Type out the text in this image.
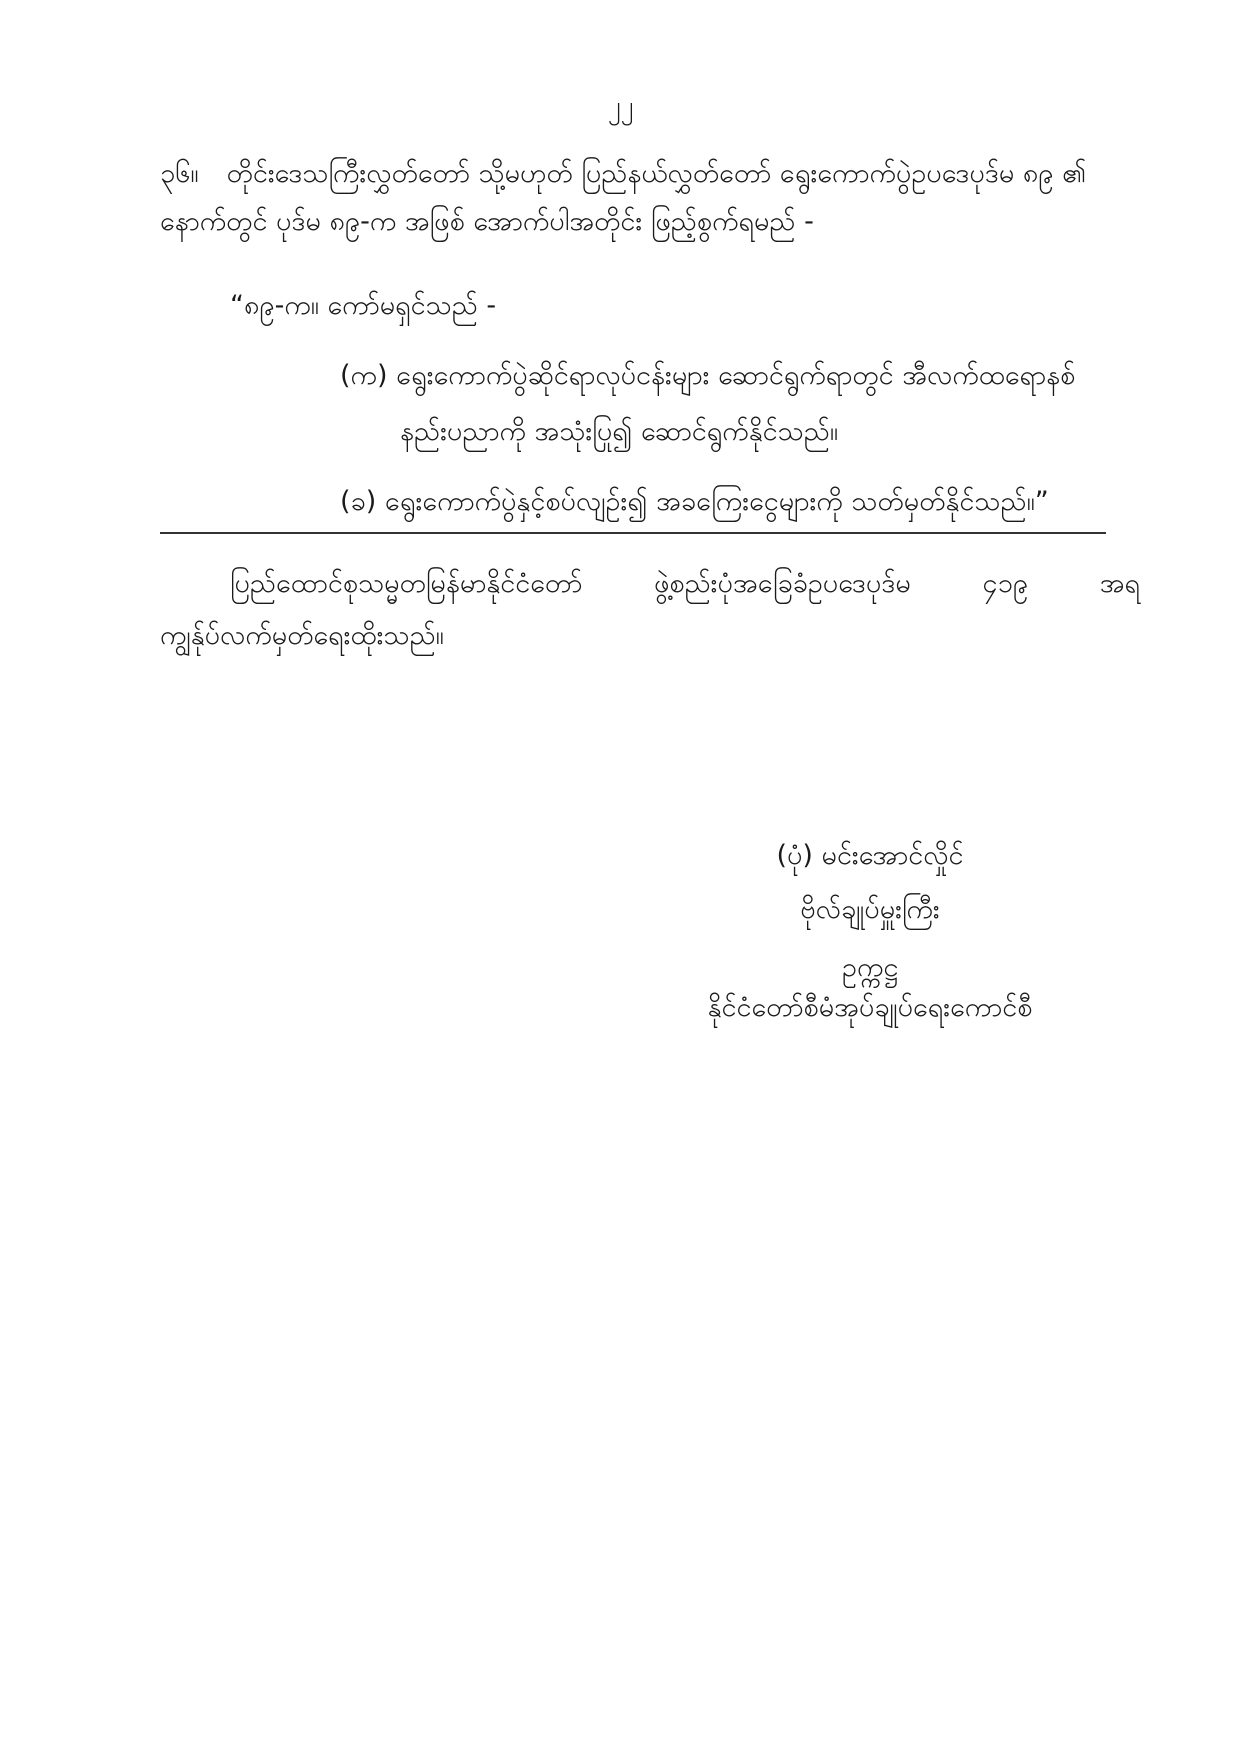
၂၂
၃၆။ တိုင်းဒေသကြီးလွှတ်တော် သို့မဟုတ် ပြည်နယ်လွှတ်တော် ရွေးကောက်ပွဲဥပဒေပုဒ်မ ၈၉ ၏ နောက်တွင် ပုဒ်မ ၈၉-က အဖြစ် အောက်ပါအတိုင်း ဖြည့်စွက်ရမည် -
“၈၉-က။ ကော်မရှင်သည် -
(က) ရွေးကောက်ပွဲဆိုင်ရာလုပ်ငန်းများ ဆောင်ရွက်ရာတွင် အီလက်ထရောနစ်
နည်းပညာကို အသုံးပြု၍ ဆောင်ရွက်နိုင်သည်။
(ခ) ရွေးကောက်ပွဲနှင့်စပ်လျဉ်း၍ အခကြေးငွေများကို သတ်မှတ်နိုင်သည်။”
ပြည်ထောင်စုသမ္မတမြန်မာနိုင်ငံတော်	ဖွဲ့စည်းပုံအခြေခံဥပဒေပုဒ်မ	၄၁၉	အရ
ကျွန်ုပ်လက်မှတ်ရေးထိုးသည်။
(ပုံ) မင်းအောင်လှိုင်
ဗိုလ်ချုပ်မှူးကြီး
ဥက္ကဋ္ဌ
နိုင်ငံတော်စီမံအုပ်ချုပ်ရေးကောင်စီ
